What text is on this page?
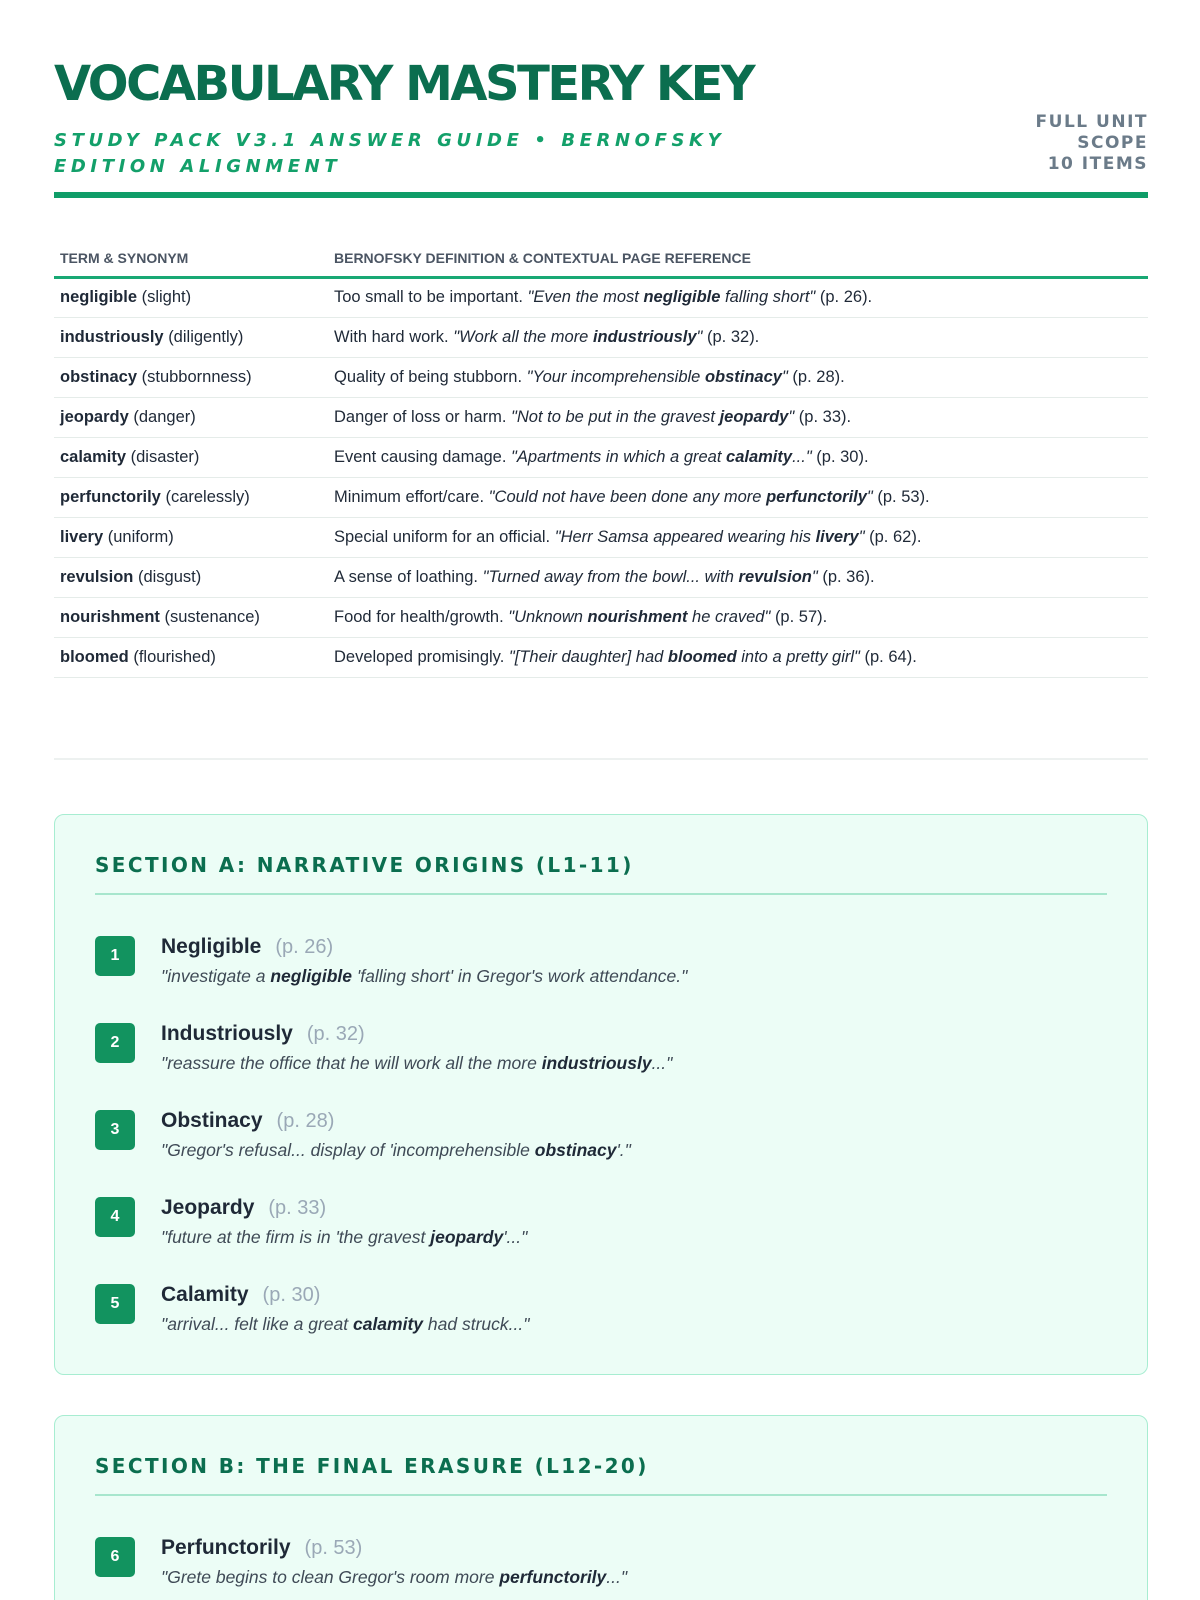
VOCABULARY MASTERY KEY
STUDY PACK V3.1 ANSWER GUIDE • BERNOFSKY EDITION ALIGNMENT
FULL UNIT
SCOPE
10 ITEMS
TERM & SYNONYM	BERNOFSKY DEFINITION & CONTEXTUAL PAGE REFERENCE
negligible (slight)	Too small to be important. "Even the most negligible falling short" (p. 26).
industriously (diligently)	With hard work. "Work all the more industriously" (p. 32).
obstinacy (stubbornness)	Quality of being stubborn. "Your incomprehensible obstinacy" (p. 28).
jeopardy (danger)	Danger of loss or harm. "Not to be put in the gravest jeopardy" (p. 33).
calamity (disaster)	Event causing damage. "Apartments in which a great calamity..." (p. 30).
perfunctorily (carelessly)	Minimum effort/care. "Could not have been done any more perfunctorily" (p. 53).
livery (uniform)	Special uniform for an official. "Herr Samsa appeared wearing his livery" (p. 62).
revulsion (disgust)	A sense of loathing. "Turned away from the bowl... with revulsion" (p. 36).
nourishment (sustenance)	Food for health/growth. "Unknown nourishment he craved" (p. 57).
bloomed (flourished)	Developed promisingly. "[Their daughter] had bloomed into a pretty girl" (p. 64).
SECTION A: NARRATIVE ORIGINS (L1-11)
1	Negligible (p. 26)
"investigate a negligible 'falling short' in Gregor's work attendance."
2	Industriously (p. 32)
"reassure the office that he will work all the more industriously..."
3	Obstinacy (p. 28)
"Gregor's refusal... display of 'incomprehensible obstinacy'."
4	Jeopardy (p. 33)
"future at the firm is in 'the gravest jeopardy'..."
5	Calamity (p. 30)
"arrival... felt like a great calamity had struck..."
SECTION B: THE FINAL ERASURE (L12-20)
6	Perfunctorily (p. 53)
"Grete begins to clean Gregor's room more perfunctorily..."
